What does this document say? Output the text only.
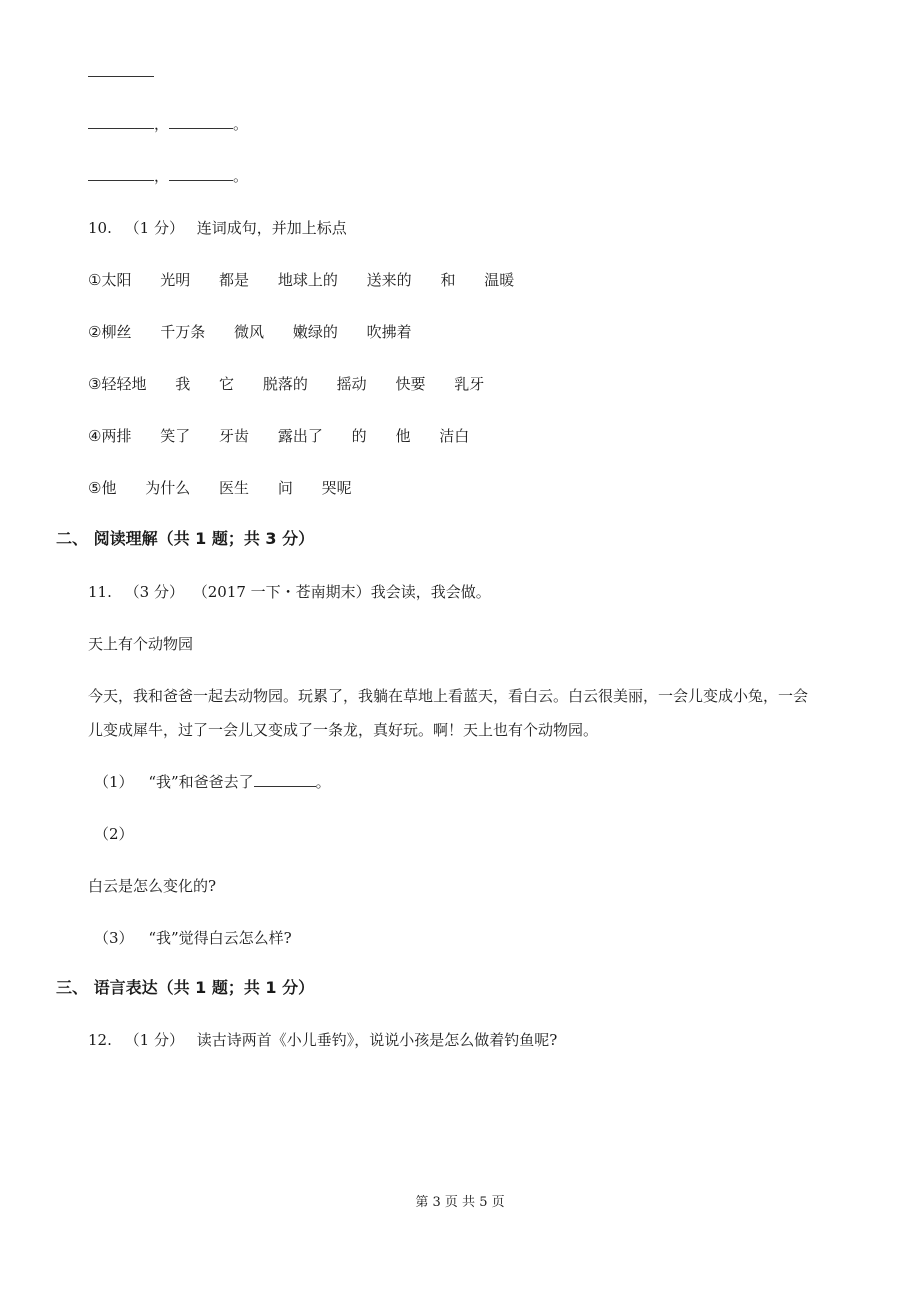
，	。
，	。
10. （1 分） 连词成句，并加上标点
①太阳 光明 都是 地球上的 送来的 和 温暖
②柳丝 千万条 微风 嫩绿的 吹拂着
③轻轻地 我 它 脱落的 摇动 快要 乳牙
④两排 笑了 牙齿 露出了 的 他 洁白
⑤他 为什么 医生 问 哭呢
二、 阅读理解（共 1 题；共 3 分）
11. （3 分） （2017 一下・苍南期末）我会读，我会做。
天上有个动物园
今天，我和爸爸一起去动物园。玩累了，我躺在草地上看蓝天，看白云。白云很美丽，一会儿变成小兔，一会
儿变成犀牛，过了一会儿又变成了一条龙，真好玩。啊！天上也有个动物园。
（1） “我”和爸爸去了	。
（2）
白云是怎么变化的?
（3） “我”觉得白云怎么样?
三、 语言表达（共 1 题；共 1 分）
12. （1 分） 读古诗两首《小儿垂钓》，说说小孩是怎么做着钓鱼呢?
第 3 页 共 5 页
